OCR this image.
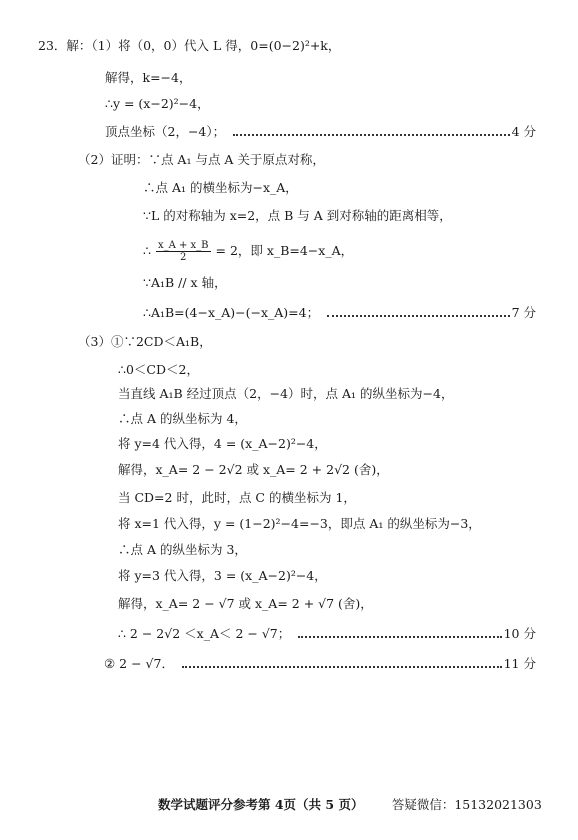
23．解：（1）将（0，0）代入 L 得，0=(0−2)²+k，
解得，k=−4，
∴y = (x−2)²−4，
顶点坐标（2，−4）；	4 分
（2）证明：∵点 A₁ 与点 A 关于原点对称，
∴点 A₁ 的横坐标为−x_A，
∵L 的对称轴为 x=2，点 B 与 A 到对称轴的距离相等，
∴ $\frac{x\_A + x\_B}{2} = 2$，即 x_B=4−x_A，
∵A₁B // x 轴，
∴A₁B=(4−x_A)−(−x_A)=4；	7 分
（3）①∵2CD＜A₁B，
∴0＜CD＜2，
当直线 A₁B 经过顶点（2，−4）时，点 A₁ 的纵坐标为−4，
∴点 A 的纵坐标为 4，
将 y=4 代入得，4 = (x_A−2)²−4，
解得，x_A= 2 − 2√2 或 x_A= 2 + 2√2 (舍)，
当 CD=2 时，此时，点 C 的横坐标为 1，
将 x=1 代入得，y = (1−2)²−4=−3，即点 A₁ 的纵坐标为−3，
∴点 A 的纵坐标为 3，
将 y=3 代入得，3 = (x_A−2)²−4，
解得，x_A= 2 − √7 或 x_A= 2 + √7 (舍)，
∴ 2 − 2√2 ＜x_A＜ 2 − √7；	10 分
② 2 − √7．	11 分
数学试题评分参考第 4页（共 5 页） 答疑微信：15132021303
